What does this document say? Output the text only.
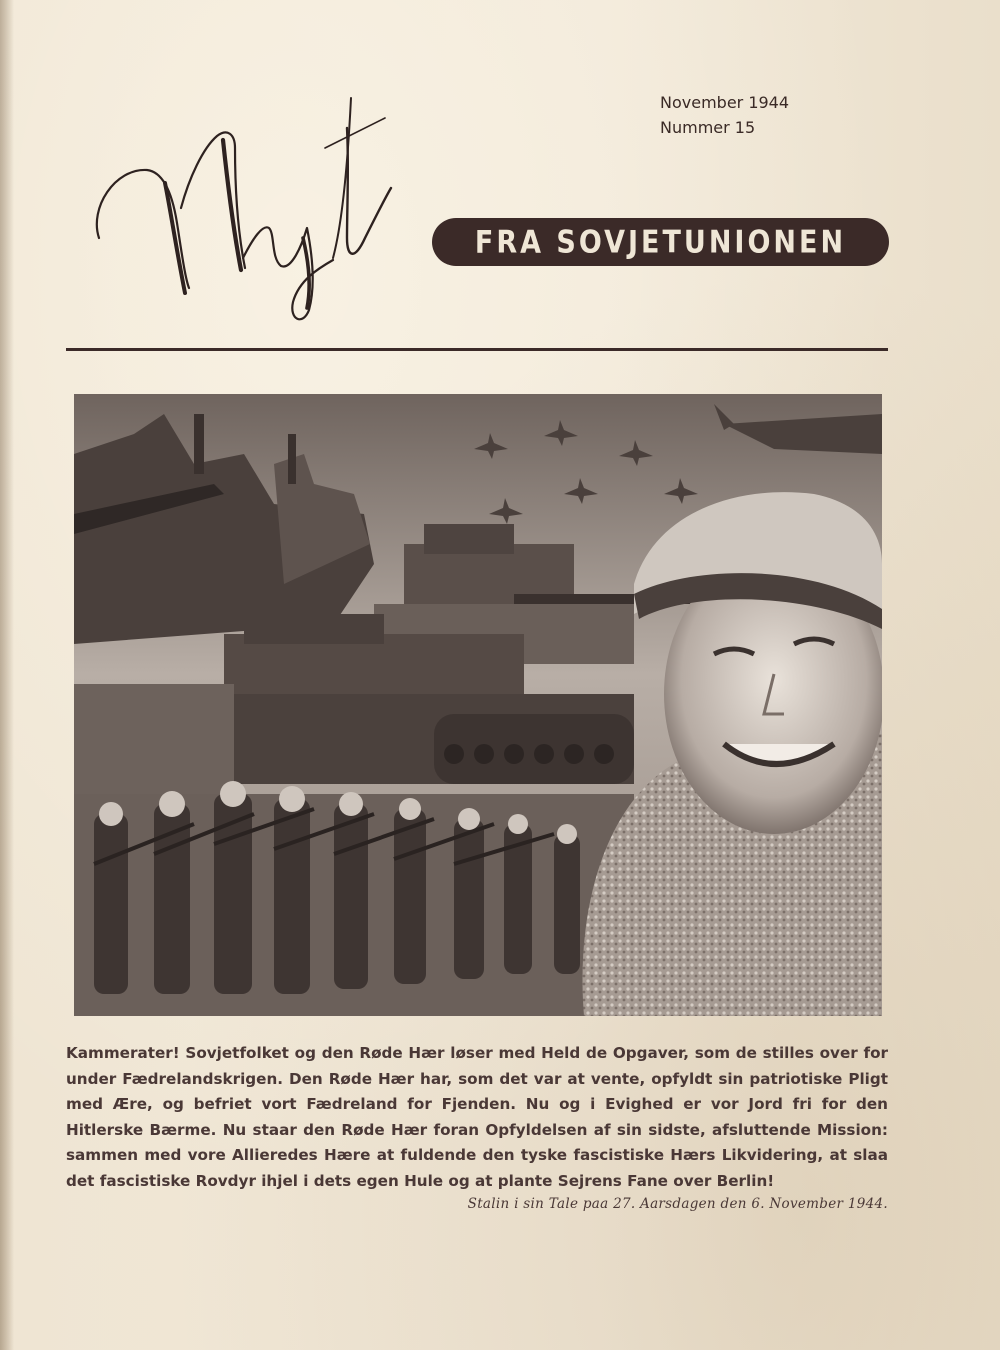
November 1944
Nummer 15
FRA SOVJETUNIONEN
Kammerater! Sovjetfolket og den Røde Hær løser med Held de Opgaver, som de stilles over for under Fædrelandskrigen. Den Røde Hær har, som det var at vente, opfyldt sin patriotiske Pligt med Ære, og befriet vort Fædreland for Fjenden. Nu og i Evighed er vor Jord fri for den Hitlerske Bærme. Nu staar den Røde Hær foran Opfyldelsen af sin sidste, afsluttende Mission: sammen med vore Allieredes Hære at fuldende den tyske fascistiske Hærs Likvidering, at slaa det fascistiske Rovdyr ihjel i dets egen Hule og at plante Sejrens Fane over Berlin!
Stalin i sin Tale paa 27. Aarsdagen den 6. November 1944.
